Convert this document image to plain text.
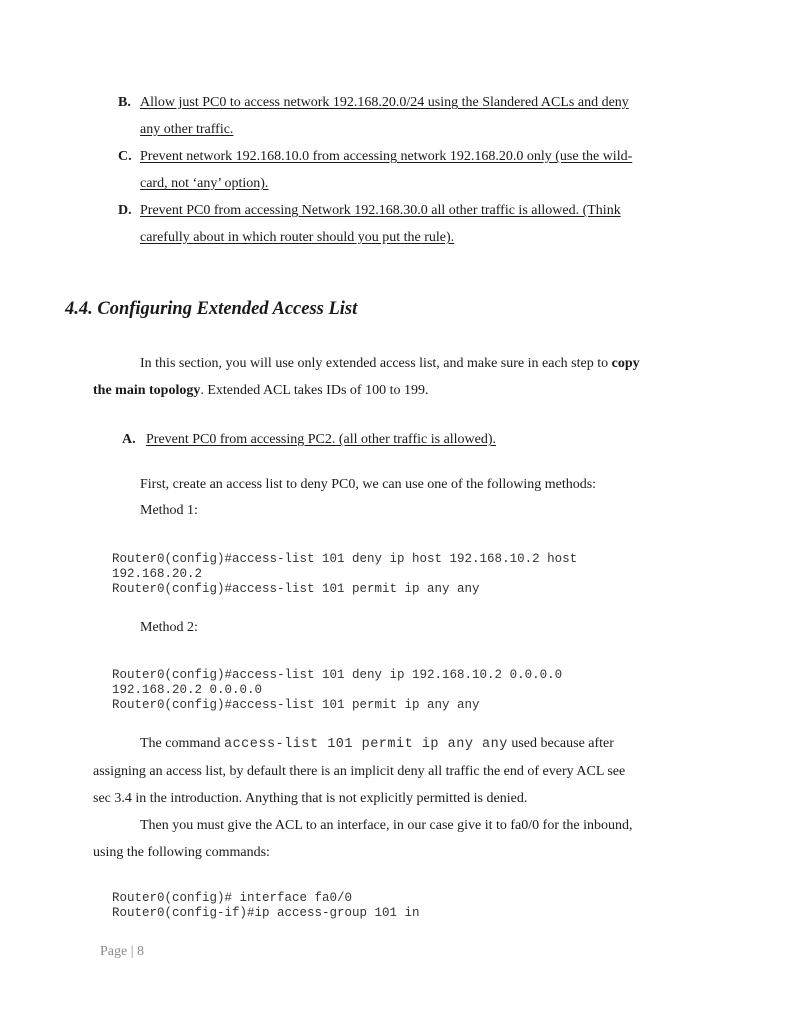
B. Allow just PC0 to access network 192.168.20.0/24 using the Slandered ACLs and deny
any other traffic.
C. Prevent network 192.168.10.0 from accessing network 192.168.20.0 only (use the wild-
card, not ‘any’ option).
D. Prevent PC0 from accessing Network 192.168.30.0 all other traffic is allowed. (Think
carefully about in which router should you put the rule).
4.4. Configuring Extended Access List
In this section, you will use only extended access list, and make sure in each step to copy
the main topology. Extended ACL takes IDs of 100 to 199.
A. Prevent PC0 from accessing PC2. (all other traffic is allowed).
First, create an access list to deny PC0, we can use one of the following methods:
Method 1:
Router0(config)#access-list 101 deny ip host 192.168.10.2 host
192.168.20.2
Router0(config)#access-list 101 permit ip any any
Method 2:
Router0(config)#access-list 101 deny ip 192.168.10.2 0.0.0.0
192.168.20.2 0.0.0.0
Router0(config)#access-list 101 permit ip any any
The command access-list 101 permit ip any any used because after
assigning an access list, by default there is an implicit deny all traffic the end of every ACL see
sec 3.4 in the introduction. Anything that is not explicitly permitted is denied.
Then you must give the ACL to an interface, in our case give it to fa0/0 for the inbound,
using the following commands:
Router0(config)# interface fa0/0
Router0(config-if)#ip access-group 101 in
Page | 8
